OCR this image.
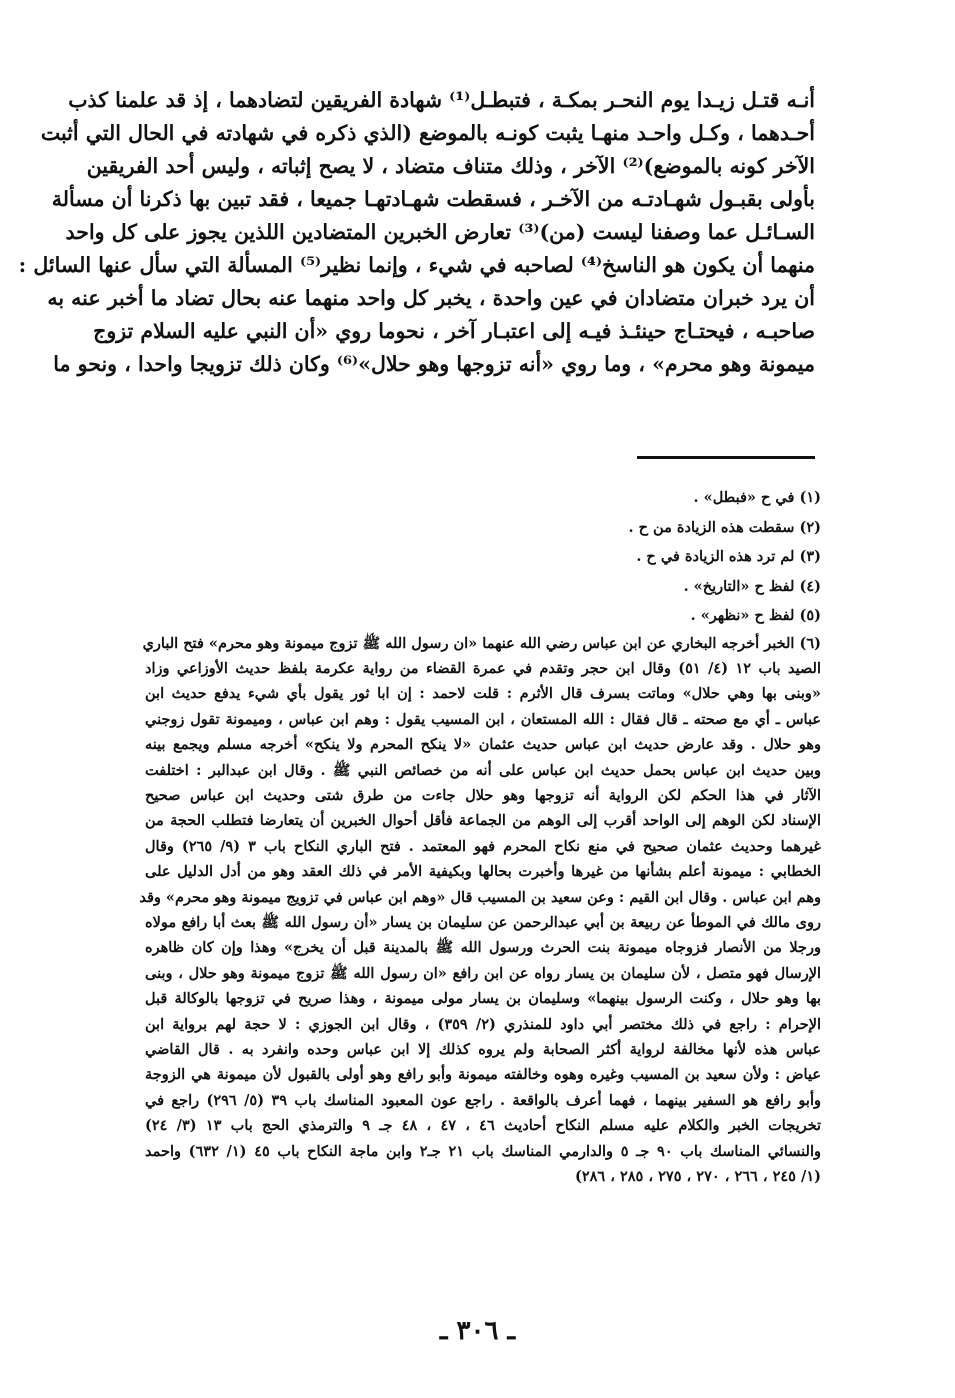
أنـه قتـل زيـدا يوم النحـر بمكـة ، فتبطـل⁽¹⁾ شهادة الفريقين لتضادهما ، إذ قد علمنا كذب
أحـدهما ، وكـل واحـد منهـا يثبت كونـه بالموضع (الذي ذكره في شهادته في الحال التي أثبت
الآخر كونه بالموضع)⁽²⁾ الآخر ، وذلك متناف متضاد ، لا يصح إثباته ، وليس أحد الفريقين
بأولى بقبـول شهـادتـه من الآخـر ، فسقطت شهـادتهـا جميعا ، فقد تبين بها ذكرنا أن مسألة
السـائـل عما وصفنا ليست (من)⁽³⁾ تعارض الخبرين المتضادين اللذين يجوز على كل واحد
منهما أن يكون هو الناسخ⁽⁴⁾ لصاحبه في شيء ، وإنما نظير⁽⁵⁾ المسألة التي سأل عنها السائل :
أن يرد خبران متضادان في عين واحدة ، يخبر كل واحد منهما عنه بحال تضاد ما أخبر عنه به
صاحبـه ، فيحتـاج حينئـذ فيـه إلى اعتبـار آخر ، نحوما روي «أن النبي عليه السلام تزوج
ميمونة وهو محرم» ، وما روي «أنه تزوجها وهو حلال»⁽⁶⁾ وكان ذلك تزويجا واحدا ، ونحو ما
(١) في ح «فبطل» .
(٢) سقطت هذه الزيادة من ح .
(٣) لم ترد هذه الزيادة في ح .
(٤) لفظ ح «التاريخ» .
(٥) لفظ ح «نظهر» .
(٦) الخبر أخرجه البخاري عن ابن عباس رضي الله عنهما «ان رسول الله ﷺ تزوج ميمونة وهو محرم» فتح الباري
الصيد باب ١٢ (٤/ ٥١) وقال ابن حجر وتقدم في عمرة القضاء من رواية عكرمة بلفظ حديث الأوزاعي وزاد
«وبنى بها وهي حلال» وماتت بسرف قال الأثرم : قلت لاحمد : إن ابا ثور يقول بأي شيء يدفع حديث ابن
عباس ـ أي مع صحته ـ قال فقال : الله المستعان ، ابن المسيب يقول : وهم ابن عباس ، وميمونة تقول زوجني
وهو حلال . وقد عارض حديث ابن عباس حديث عثمان «لا ينكح المحرم ولا ينكح» أخرجه مسلم ويجمع بينه
وبين حديث ابن عباس بحمل حديث ابن عباس على أنه من خصائص النبي ﷺ . وقال ابن عبدالبر : اختلفت
الآثار في هذا الحكم لكن الرواية أنه تزوجها وهو حلال جاءت من طرق شتى وحديث ابن عباس صحيح
الإسناد لكن الوهم إلى الواحد أقرب إلى الوهم من الجماعة فأقل أحوال الخبرين أن يتعارضا فتطلب الحجة من
غيرهما وحديث عثمان صحيح في منع نكاح المحرم فهو المعتمد . فتح الباري النكاح باب ٣ (٩/ ٢٦٥) وقال
الخطابي : ميمونة أعلم بشأنها من غيرها وأخبرت بحالها وبكيفية الأمر في ذلك العقد وهو من أدل الدليل على
وهم ابن عباس . وقال ابن القيم : وعن سعيد بن المسيب قال «وهم ابن عباس في تزويج ميمونة وهو محرم» وقد
روى مالك في الموطأ عن ربيعة بن أبي عبدالرحمن عن سليمان بن يسار «أن رسول الله ﷺ بعث أبا رافع مولاه
ورجلا من الأنصار فزوجاه ميمونة بنت الحرث ورسول الله ﷺ بالمدينة قبل أن يخرج» وهذا وإن كان ظاهره
الإرسال فهو متصل ، لأن سليمان بن يسار رواه عن ابن رافع «ان رسول الله ﷺ تزوج ميمونة وهو حلال ، وبنى
بها وهو حلال ، وكنت الرسول بينهما» وسليمان بن يسار مولى ميمونة ، وهذا صريح في تزوجها بالوكالة قبل
الإحرام : راجع في ذلك مختصر أبي داود للمنذري (٢/ ٣٥٩) ، وقال ابن الجوزي : لا حجة لهم برواية ابن
عباس هذه لأنها مخالفة لرواية أكثر الصحابة ولم يروه كذلك إلا ابن عباس وحده وانفرد به . قال القاضي
عياض : ولأن سعيد بن المسيب وغيره وهوه وخالفته ميمونة وأبو رافع وهو أولى بالقبول لأن ميمونة هي الزوجة
وأبو رافع هو السفير بينهما ، فهما أعرف بالواقعة . راجع عون المعبود المناسك باب ٣٩ (٥/ ٢٩٦) راجع في
تخريجات الخبر والكلام عليه مسلم النكاح أحاديث ٤٦ ، ٤٧ ، ٤٨ جـ ٩ والترمذي الحج باب ١٣ (٣/ ٢٤)
والنسائي المناسك باب ٩٠ جـ ٥ والدارمي المناسك باب ٢١ جـ٢ وابن ماجة النكاح باب ٤٥ (١/ ٦٣٢) واحمد
(١/ ٢٤٥ ، ٢٦٦ ، ٢٧٠ ، ٢٧٥ ، ٢٨٥ ، ٢٨٦)
ـ ٣٠٦ ـ
